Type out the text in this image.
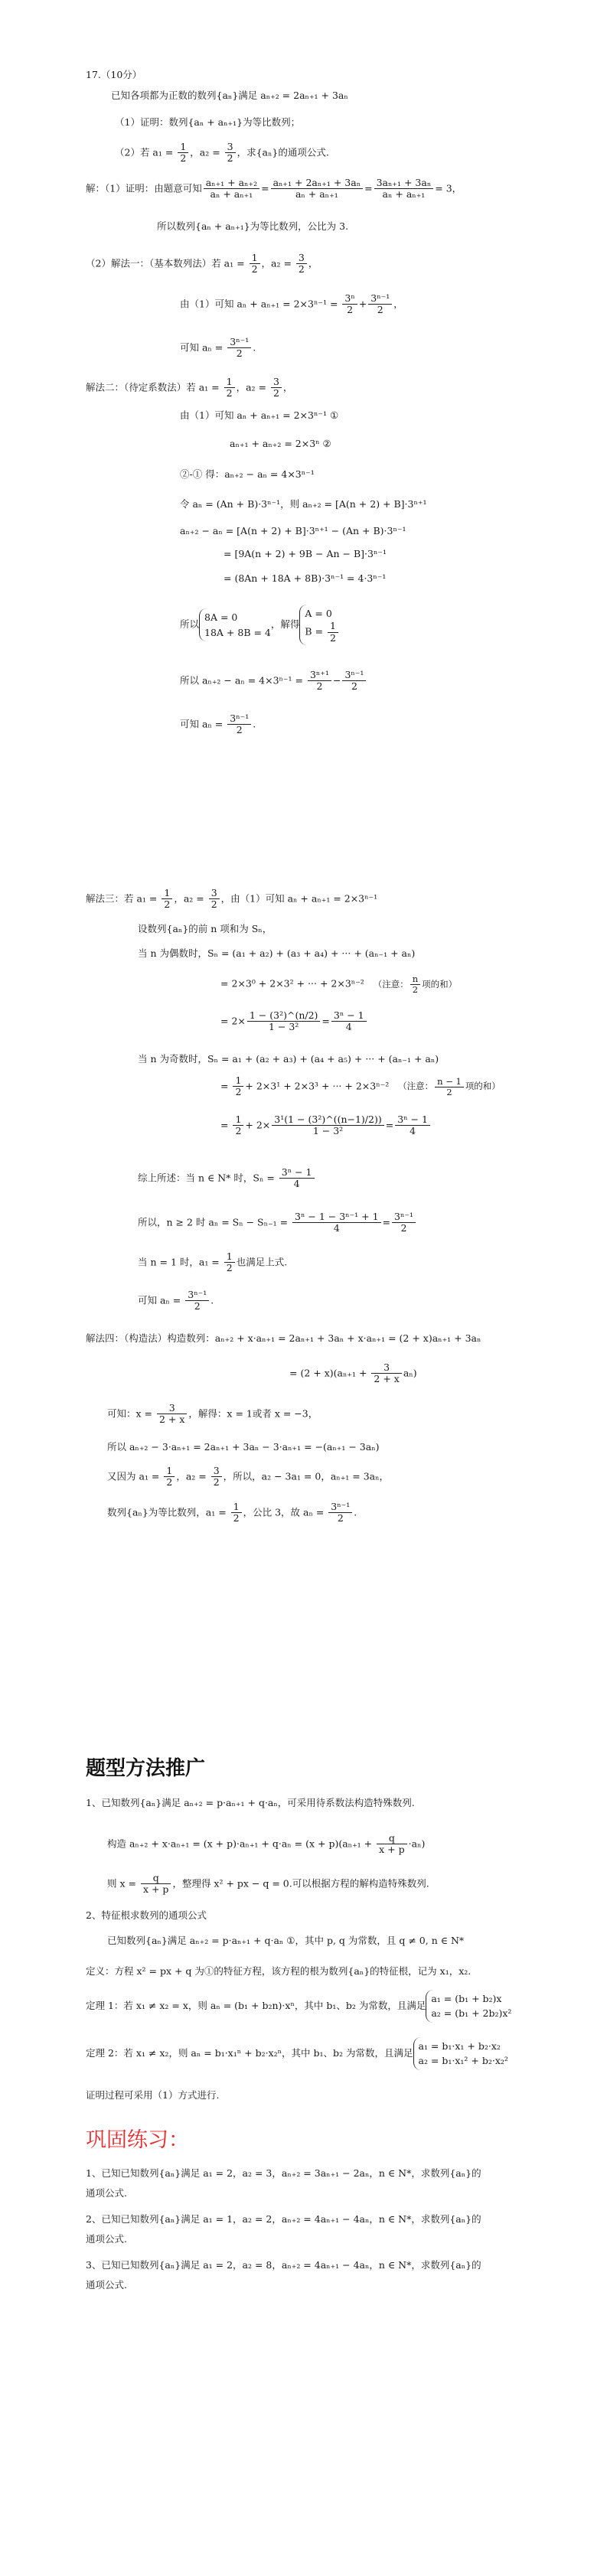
17.（10分）
已知各项都为正数的数列{aₙ}满足 aₙ₊₂ = 2aₙ₊₁ + 3aₙ
（1）证明：数列{aₙ + aₙ₊₁}为等比数列；
（2）若 $a_1 = \frac{1}{2}$ ，$a_2 = \frac{3}{2}$ ，求{aₙ}的通项公式.
解：（1）证明：由题意可知 $\frac{\text{aₙ₊₁ + aₙ₊₂}}{\text{aₙ + aₙ₊₁}} = \frac{\text{aₙ₊₁ + 2aₙ₊₁ + 3aₙ}}{\text{aₙ + aₙ₊₁}} = \frac{\text{3aₙ₊₁ + 3aₙ}}{\text{aₙ + aₙ₊₁}} = 3$，
所以数列{aₙ + aₙ₊₁}为等比数列，公比为 3.
（2）解法一：（基本数列法）若 $a_1 = \frac{1}{2}$ ，$a_2 = \frac{3}{2}$ ，
由（1）可知 $a_n + a_{n+1} = 2\times 3^{n-1} = \frac{\text{3ⁿ}}{2} + \frac{\text{3ⁿ⁻¹}}{2}$ ，
可知 $a_n = \frac{\text{3ⁿ⁻¹}}{2}$ .
解法二：（待定系数法）若 $a_1 = \frac{1}{2}$ ，$a_2 = \frac{3}{2}$ ，
由（1）可知 aₙ + aₙ₊₁ = 2×3ⁿ⁻¹ ①
aₙ₊₁ + aₙ₊₂ = 2×3ⁿ ②
②-① 得：aₙ₊₂ − aₙ = 4×3ⁿ⁻¹
令 aₙ = (An + B)·3ⁿ⁻¹，则 aₙ₊₂ = [A(n + 2) + B]·3ⁿ⁺¹
aₙ₊₂ − aₙ = [A(n + 2) + B]·3ⁿ⁺¹ − (An + B)·3ⁿ⁻¹
= [9A(n + 2) + 9B − An − B]·3ⁿ⁻¹
= (8An + 18A + 8B)·3ⁿ⁻¹ = 4·3ⁿ⁻¹
所以
8A = 0
18A + 8B = 4
，解得
A = 0
$B = \frac{1}{2}$
所以 $a_{n+2} - a_n = 4\times 3^{n-1} = \frac{\text{3ⁿ⁺¹}}{2} - \frac{\text{3ⁿ⁻¹}}{2}$
可知 $a_n = \frac{\text{3ⁿ⁻¹}}{2}$ .
解法三：若 $a_1 = \frac{1}{2}$ ，$a_2 = \frac{3}{2}$ ，由（1）可知 aₙ + aₙ₊₁ = 2×3ⁿ⁻¹
设数列{aₙ}的前 n 项和为 Sₙ，
当 n 为偶数时，Sₙ = (a₁ + a₂) + (a₃ + a₄) + ··· + (aₙ₋₁ + aₙ)
= 2×3⁰ + 2×3² + ··· + 2×3ⁿ⁻² （注意： $\frac{n}{2}$ 项的和）
= $2\times \frac{\text{1 − (3²)\textasciicircum{}(n/2)}}{\text{1 − 3²}} = \frac{\text{3ⁿ − 1}}{4}$
当 n 为奇数时，Sₙ = a₁ + (a₂ + a₃) + (a₄ + a₅) + ··· + (aₙ₋₁ + aₙ)
= $\frac{1}{2} + 2\times 3^1 + 2\times 3^3$ + ··· + 2×3ⁿ⁻² （注意： $\frac{n - 1}{2}$ 项的和）
= $\frac{1}{2} + 2\times \frac{\text{3¹(1 − (3²)\textasciicircum{}((n−1)/2))}}{\text{1 − 3²}} = \frac{\text{3ⁿ − 1}}{4}$
综上所述：当 n ∈ N* 时，$S_n = \frac{\text{3ⁿ − 1}}{4}$
所以，n ≥ 2 时 $a_n = S_n - S_{n-1} = \frac{\text{3ⁿ − 1 − 3ⁿ⁻¹ + 1}}{4} = \frac{\text{3ⁿ⁻¹}}{2}$
当 n = 1 时，$a_1 = \frac{1}{2}$ 也满足上式.
可知 $a_n = \frac{\text{3ⁿ⁻¹}}{2}$ .
解法四：（构造法）构造数列：aₙ₊₂ + x·aₙ₊₁ = 2aₙ₊₁ + 3aₙ + x·aₙ₊₁ = (2 + x)aₙ₊₁ + 3aₙ
= $(2 + x)(a_{n+1} + \frac{3}{2 + x} a_n)$
可知：$x = \frac{3}{2 + x}$ ，解得：x = 1或者 x = −3，
所以 aₙ₊₂ − 3·aₙ₊₁ = 2aₙ₊₁ + 3aₙ − 3·aₙ₊₁ = −(aₙ₊₁ − 3aₙ)
又因为 $a_1 = \frac{1}{2}$ ，$a_2 = \frac{3}{2}$ ，所以，a₂ − 3a₁ = 0，aₙ₊₁ = 3aₙ，
数列{aₙ}为等比数列，$a_1 = \frac{1}{2}$ ，公比 3，故 $a_n = \frac{\text{3ⁿ⁻¹}}{2}$ .
题型方法推广
1、已知数列{aₙ}满足 aₙ₊₂ = p·aₙ₊₁ + q·aₙ，可采用待系数法构造特殊数列.
构造 $a_{n+2} + x\cdot a_{n+1} = (x + p)\cdot a_{n+1} + q\cdot a_n = (x + p)(a_{n+1} + \frac{q}{x + p} \cdot a_n)$
则 $x = \frac{q}{x + p}$ ，整理得 x² + px − q = 0.可以根据方程的解构造特殊数列.
2、特征根求数列的通项公式
已知数列{aₙ}满足 aₙ₊₂ = p·aₙ₊₁ + q·aₙ ①，其中 p, q 为常数，且 q ≠ 0, n ∈ N*
定义：方程 x² = px + q 为①的特征方程，该方程的根为数列{aₙ}的特征根，记为 x₁，x₂.
定理 1：若 x₁ ≠ x₂ = x，则 aₙ = (b₁ + b₂n)·xⁿ，其中 b₁、b₂ 为常数，且满足
a₁ = (b₁ + b₂)x
a₂ = (b₁ + 2b₂)x²
定理 2：若 x₁ ≠ x₂，则 aₙ = b₁·x₁ⁿ + b₂·x₂ⁿ，其中 b₁、b₂ 为常数，且满足
a₁ = b₁·x₁ + b₂·x₂
a₂ = b₁·x₁² + b₂·x₂²
证明过程可采用（1）方式进行.
巩固练习：
1、已知已知数列{aₙ}满足 a₁ = 2，a₂ = 3，aₙ₊₂ = 3aₙ₊₁ − 2aₙ，n ∈ N*，求数列{aₙ}的
通项公式.
2、已知已知数列{aₙ}满足 a₁ = 1，a₂ = 2，aₙ₊₂ = 4aₙ₊₁ − 4aₙ，n ∈ N*，求数列{aₙ}的
通项公式.
3、已知已知数列{aₙ}满足 a₁ = 2，a₂ = 8，aₙ₊₂ = 4aₙ₊₁ − 4aₙ，n ∈ N*，求数列{aₙ}的
通项公式.
